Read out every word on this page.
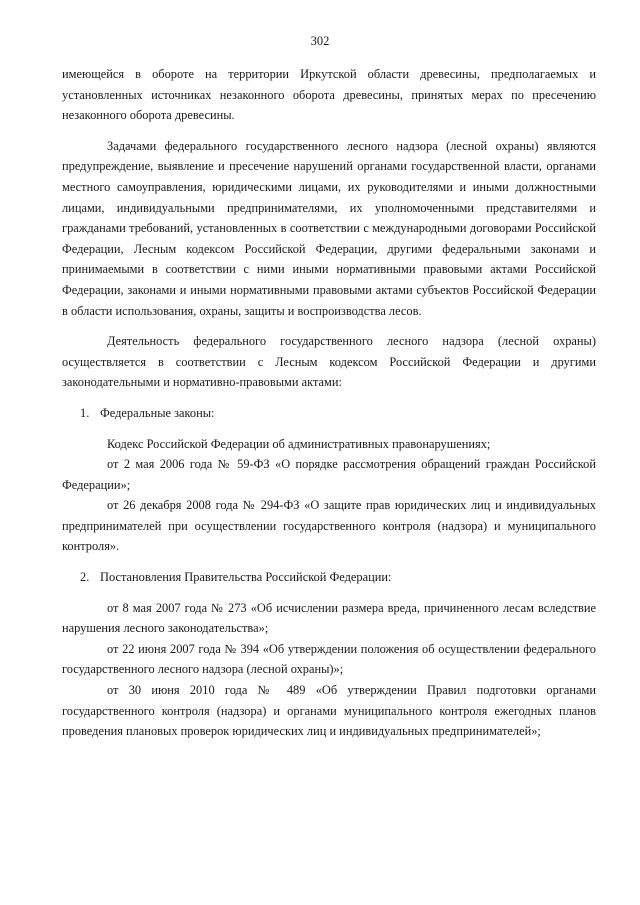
302

имеющейся в обороте на территории Иркутской области древесины, предполагаемых и установленных источниках незаконного оборота древесины, принятых мерах по пресечению незаконного оборота древесины.

Задачами федерального государственного лесного надзора (лесной охраны) являются предупреждение, выявление и пресечение нарушений органами государственной власти, органами местного самоуправления, юридическими лицами, их руководителями и иными должностными лицами, индивидуальными предпринимателями, их уполномоченными представителями и гражданами требований, установленных в соответствии с международными договорами Российской Федерации, Лесным кодексом Российской Федерации, другими федеральными законами и принимаемыми в соответствии с ними иными нормативными правовыми актами Российской Федерации, законами и иными нормативными правовыми актами субъектов Российской Федерации в области использования, охраны, защиты и воспроизводства лесов.

Деятельность федерального государственного лесного надзора (лесной охраны) осуществляется в соответствии с Лесным кодексом Российской Федерации и другими законодательными и нормативно-правовыми актами:

1. Федеральные законы:

Кодекс Российской Федерации об административных правонарушениях;

от 2 мая 2006 года № 59-ФЗ «О порядке рассмотрения обращений граждан Российской Федерации»;

от 26 декабря 2008 года № 294-ФЗ «О защите прав юридических лиц и индивидуальных предпринимателей при осуществлении государственного контроля (надзора) и муниципального контроля».

2. Постановления Правительства Российской Федерации:

от 8 мая 2007 года № 273 «Об исчислении размера вреда, причиненного лесам вследствие нарушения лесного законодательства»;

от 22 июня 2007 года № 394 «Об утверждении положения об осуществлении федерального государственного лесного надзора (лесной охраны)»;

от 30 июня 2010 года № 489 «Об утверждении Правил подготовки органами государственного контроля (надзора) и органами муниципального контроля ежегодных планов проведения плановых проверок юридических лиц и индивидуальных предпринимателей»;
